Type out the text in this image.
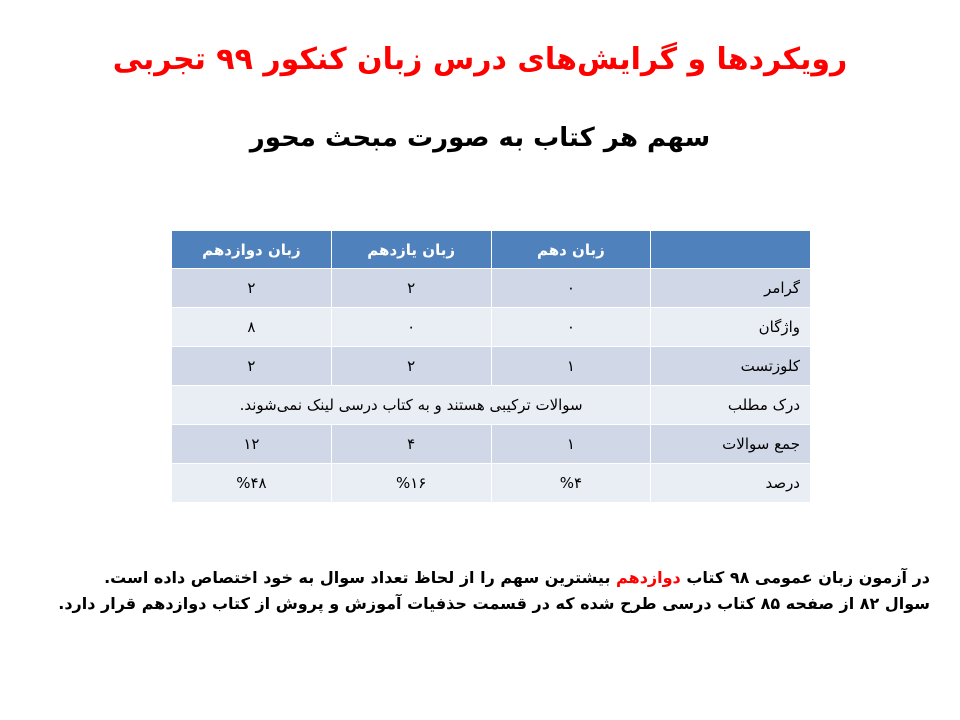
رویکردها و گرایش‌های درس زبان کنکور ۹۹ تجربی
سهم هر کتاب به صورت مبحث محور
	زبان دهم	زبان یازدهم	زبان دوازدهم
گرامر	۰	۲	۲
واژگان	۰	۰	۸
کلوزتست	۱	۲	۲
درک مطلب	سوالات ترکیبی هستند و به کتاب درسی لینک نمی‌شوند.		
جمع سوالات	۱	۴	۱۲
درصد	%۴	%۱۶	%۴۸
در آزمون زبان عمومی ۹۸ کتاب دوازدهم بیشترین سهم را از لحاظ تعداد سوال به خود اختصاص داده است.
سوال ۸۲ از صفحه ۸۵ کتاب درسی طرح شده که در قسمت حذفیات آموزش و پروش از کتاب دوازدهم قرار دارد.
